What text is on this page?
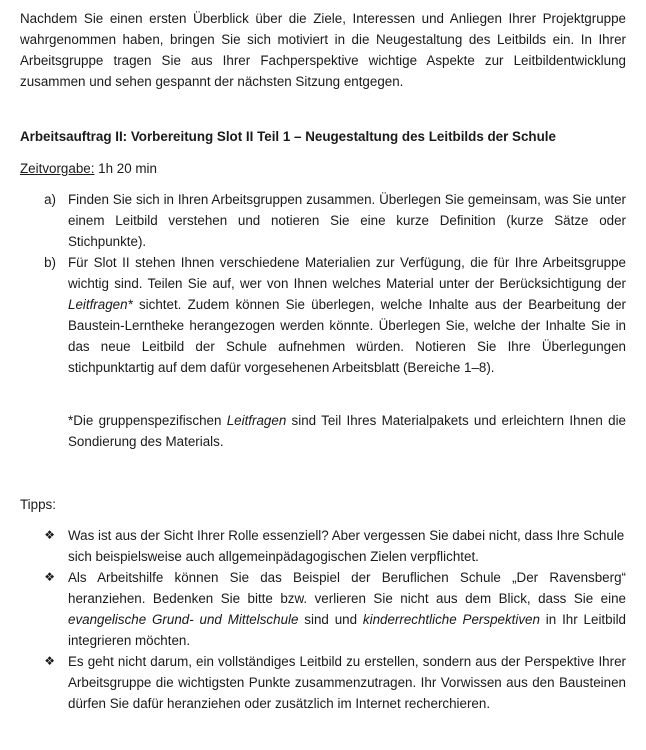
Nachdem Sie einen ersten Überblick über die Ziele, Interessen und Anliegen Ihrer Projektgruppe wahrgenommen haben, bringen Sie sich motiviert in die Neugestaltung des Leitbilds ein. In Ihrer Arbeitsgruppe tragen Sie aus Ihrer Fachperspektive wichtige Aspekte zur Leitbildentwicklung zusammen und sehen gespannt der nächsten Sitzung entgegen.

Arbeitsauftrag II: Vorbereitung Slot II Teil 1 – Neugestaltung des Leitbilds der Schule

Zeitvorgabe: 1h 20 min

a) Finden Sie sich in Ihren Arbeitsgruppen zusammen. Überlegen Sie gemeinsam, was Sie unter einem Leitbild verstehen und notieren Sie eine kurze Definition (kurze Sätze oder Stichpunkte).
b) Für Slot II stehen Ihnen verschiedene Materialien zur Verfügung, die für Ihre Arbeitsgruppe wichtig sind. Teilen Sie auf, wer von Ihnen welches Material unter der Berücksichtigung der Leitfragen* sichtet. Zudem können Sie überlegen, welche Inhalte aus der Bearbeitung der Baustein-Lerntheke herangezogen werden könnte. Überlegen Sie, welche der Inhalte Sie in das neue Leitbild der Schule aufnehmen würden. Notieren Sie Ihre Überlegungen stichpunktartig auf dem dafür vorgesehenen Arbeitsblatt (Bereiche 1–8).

*Die gruppenspezifischen Leitfragen sind Teil Ihres Materialpakets und erleichtern Ihnen die Sondierung des Materials.

Tipps:

❖ Was ist aus der Sicht Ihrer Rolle essenziell? Aber vergessen Sie dabei nicht, dass Ihre Schule sich beispielsweise auch allgemeinpädagogischen Zielen verpflichtet.
❖ Als Arbeitshilfe können Sie das Beispiel der Beruflichen Schule „Der Ravensberg“ heranziehen. Bedenken Sie bitte bzw. verlieren Sie nicht aus dem Blick, dass Sie eine evangelische Grund- und Mittelschule sind und kinderrechtliche Perspektiven in Ihr Leitbild integrieren möchten.
❖ Es geht nicht darum, ein vollständiges Leitbild zu erstellen, sondern aus der Perspektive Ihrer Arbeitsgruppe die wichtigsten Punkte zusammenzutragen. Ihr Vorwissen aus den Bausteinen dürfen Sie dafür heranziehen oder zusätzlich im Internet recherchieren.
